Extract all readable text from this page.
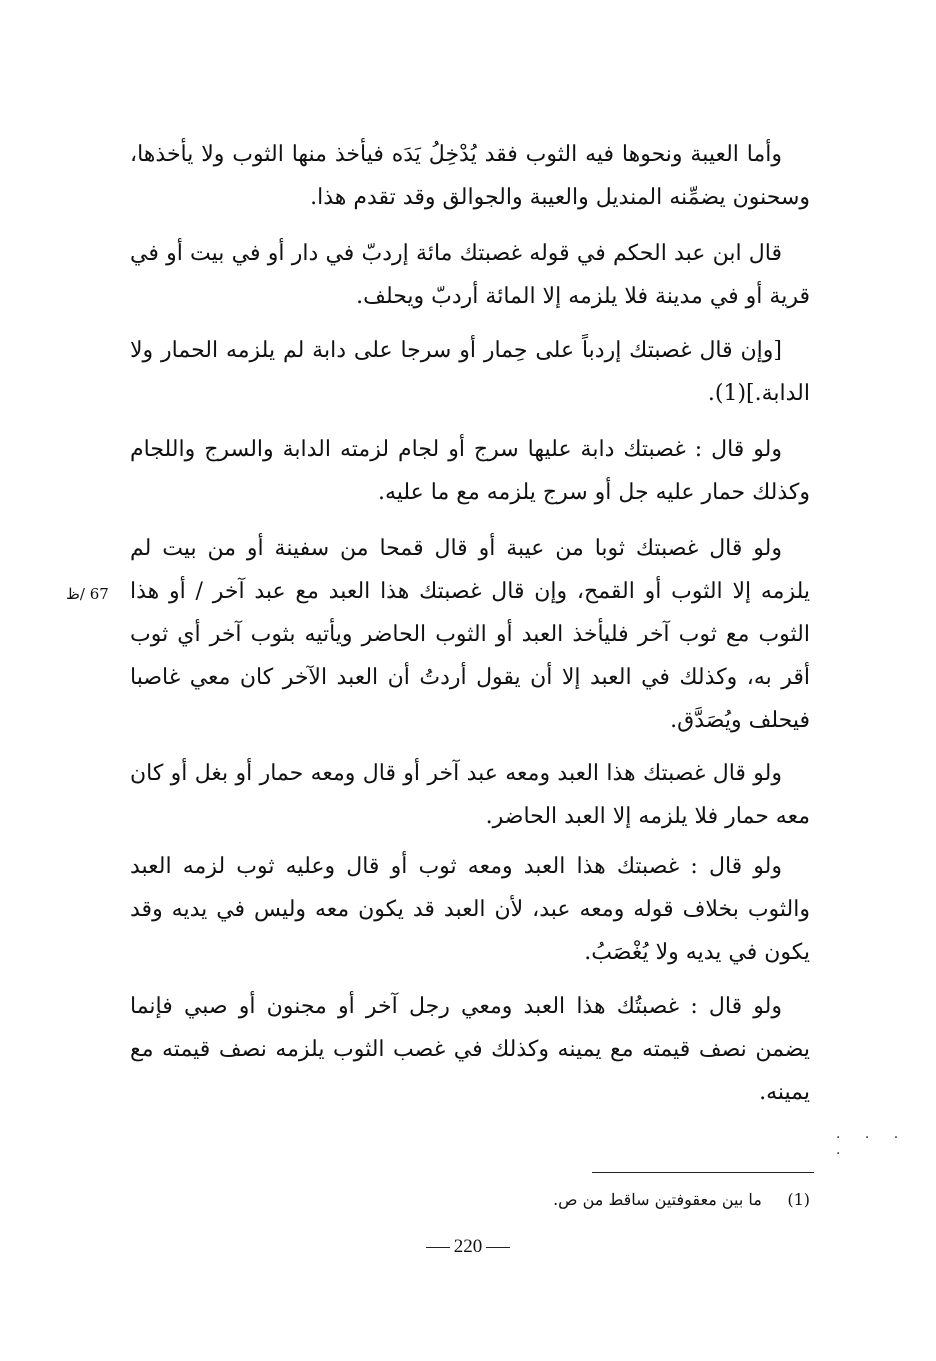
وأما العيبة ونحوها فيه الثوب فقد يُدْخِلُ يَدَه فيأخذ منها الثوب ولا يأخذها، وسحنون يضمِّنه المنديل والعيبة والجوالق وقد تقدم هذا.

قال ابن عبد الحكم في قوله غصبتك مائة إردبّ في دار أو في بيت أو في قرية أو في مدينة فلا يلزمه إلا المائة أردبّ ويحلف.

[وإن قال غصبتك إردباً على حِمار أو سرجا على دابة لم يلزمه الحمار ولا الدابة.](1).

ولو قال : غصبتك دابة عليها سرج أو لجام لزمته الدابة والسرج واللجام وكذلك حمار عليه جل أو سرج يلزمه مع ما عليه.

ولو قال غصبتك ثوبا من عيبة أو قال قمحا من سفينة أو من بيت لم يلزمه إلا الثوب أو القمح، وإن قال غصبتك هذا العبد مع عبد آخر / أو هذا الثوب مع ثوب آخر فليأخذ العبد أو الثوب الحاضر ويأتيه بثوب آخر أي ثوب أقر به، وكذلك في العبد إلا أن يقول أردتُ أن العبد الآخر كان معي غاصبا فيحلف ويُصَدَّق.

ولو قال غصبتك هذا العبد ومعه عبد آخر أو قال ومعه حمار أو بغل أو كان معه حمار فلا يلزمه إلا العبد الحاضر.

ولو قال : غصبتك هذا العبد ومعه ثوب أو قال وعليه ثوب لزمه العبد والثوب بخلاف قوله ومعه عبد، لأن العبد قد يكون معه وليس في يديه وقد يكون في يديه ولا يُغْصَبُ.

ولو قال : غصبتُك هذا العبد ومعي رجل آخر أو مجنون أو صبي فإنما يضمن نصف قيمته مع يمينه وكذلك في غصب الثوب يلزمه نصف قيمته مع يمينه.

67 /ظ
. . . .
(1)     ما بين معقوفتين ساقط من ص.
220
